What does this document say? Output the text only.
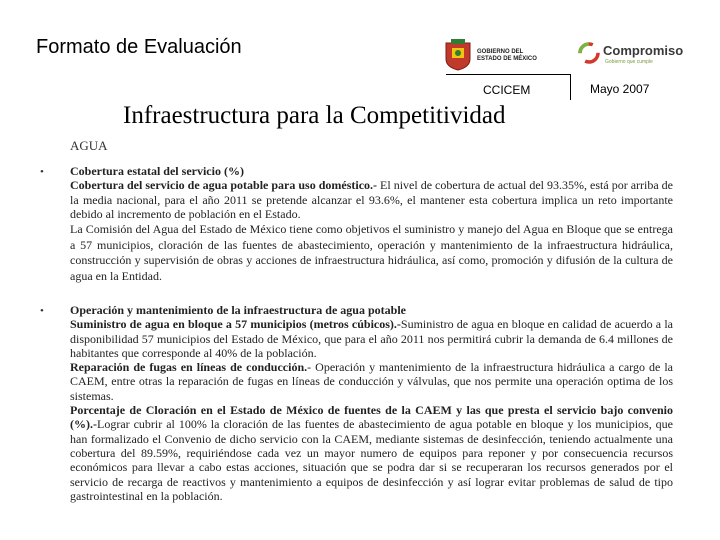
Formato de Evaluación	GOBIERNO DEL
ESTADO DE MÉXICO
Compromiso
Gobierno que cumple
CCICEM	Mayo 2007
Infraestructura para la Competitividad
AGUA
• Cobertura estatal del servicio (%)
Cobertura del servicio de agua potable para uso doméstico.- El nivel de cobertura de actual del 93.35%, está por arriba de la media nacional, para el año 2011 se pretende alcanzar el 93.6%, el mantener esta cobertura implica un reto importante debido al incremento de población en el Estado.
La Comisión del Agua del Estado de México tiene como objetivos el suministro y manejo del Agua en Bloque que se entrega a 57 municipios, cloración de las fuentes de abastecimiento, operación y mantenimiento de la infraestructura hidráulica, construcción y supervisión de obras y acciones de infraestructura hidráulica, así como, promoción y difusión de la cultura de agua en la Entidad.
• Operación y mantenimiento de la infraestructura de agua potable
Suministro de agua en bloque a 57 municipios (metros cúbicos).-Suministro de agua en bloque en calidad de acuerdo a la disponibilidad 57 municipios del Estado de México, que para el año 2011 nos permitirá cubrir la demanda de 6.4 millones de habitantes que corresponde al 40% de la población.
Reparación de fugas en líneas de conducción.- Operación y mantenimiento de la infraestructura hidráulica a cargo de la CAEM, entre otras la reparación de fugas en líneas de conducción y válvulas, que nos permite una operación optima de los sistemas.
Porcentaje de Cloración en el Estado de México de fuentes de la CAEM y las que presta el servicio bajo convenio (%).-Lograr cubrir al 100% la cloración de las fuentes de abastecimiento de agua potable en bloque y los municipios, que han formalizado el Convenio de dicho servicio con la CAEM, mediante sistemas de desinfección, teniendo actualmente una cobertura del 89.59%, requiriéndose cada vez un mayor numero de equipos para reponer y por consecuencia recursos económicos para llevar a cabo estas acciones, situación que se podra dar si se recuperaran los recursos generados por el servicio de recarga de reactivos y mantenimiento a equipos de desinfección y así lograr evitar problemas de salud de tipo gastrointestinal en la población.
